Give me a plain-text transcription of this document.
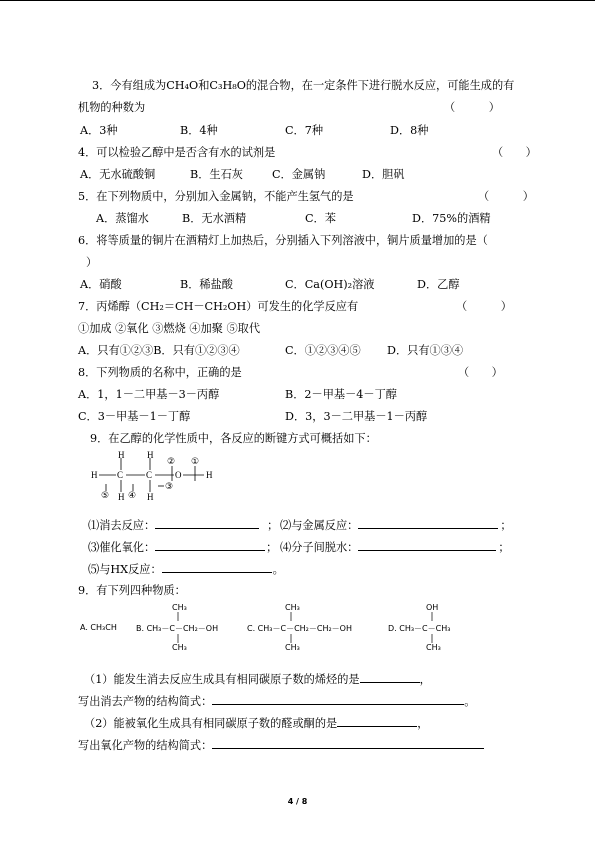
3．今有组成为CH₄O和C₃H₈O的混合物，在一定条件下进行脱水反应，可能生成的有
机物的种数为	（　　　）
A．3种	B．4种	C．7种	D．8种
4．可以检验乙醇中是否含有水的试剂是	（　　）
A．无水硫酸铜	B．生石灰	C．金属钠	D．胆矾
5．在下列物质中，分别加入金属钠，不能产生氢气的是	（　　　）
A．蒸馏水	B．无水酒精	C．苯	D．75%的酒精
6．将等质量的铜片在酒精灯上加热后，分别插入下列溶液中，铜片质量增加的是（
）
A．硝酸	B．稀盐酸	C．Ca(OH)₂溶液	D．乙醇
7．丙烯醇（CH₂＝CH－CH₂OH）可发生的化学反应有	（　　　）
①加成 ②氧化 ③燃烧 ④加聚 ⑤取代
A．只有①②③B．只有①②③④	C．①②③④⑤ D．只有①③④
8．下列物质的名称中，正确的是	（　　）
A．1，1－二甲基－3－丙醇	B．2－甲基－4－丁醇
C．3－甲基－1－丁醇	D．3，3－二甲基－1－丙醇
9．在乙醇的化学性质中，各反应的断键方式可概括如下：
H
H
C
H
H
C
H
O	H
①
②
③
④
⑤
⑴消去反应：	； ⑵与金属反应：	；
⑶催化氧化：	； ⑷分子间脱水：	；
⑸与HX反应：	。
9．有下列四种物质：
A. CH₃CH
CH₃
B. CH₃－C－CH₂－OH
CH₃
CH₃
C. CH₃－C－CH₂－CH₂－OH
CH₃
OH
D. CH₃－C－CH₃
CH₃
（1）能发生消去反应生成具有相同碳原子数的烯烃的是	，
写出消去产物的结构简式：	。
（2）能被氧化生成具有相同碳原子数的醛或酮的是	，
写出氧化产物的结构简式：
4 / 8
